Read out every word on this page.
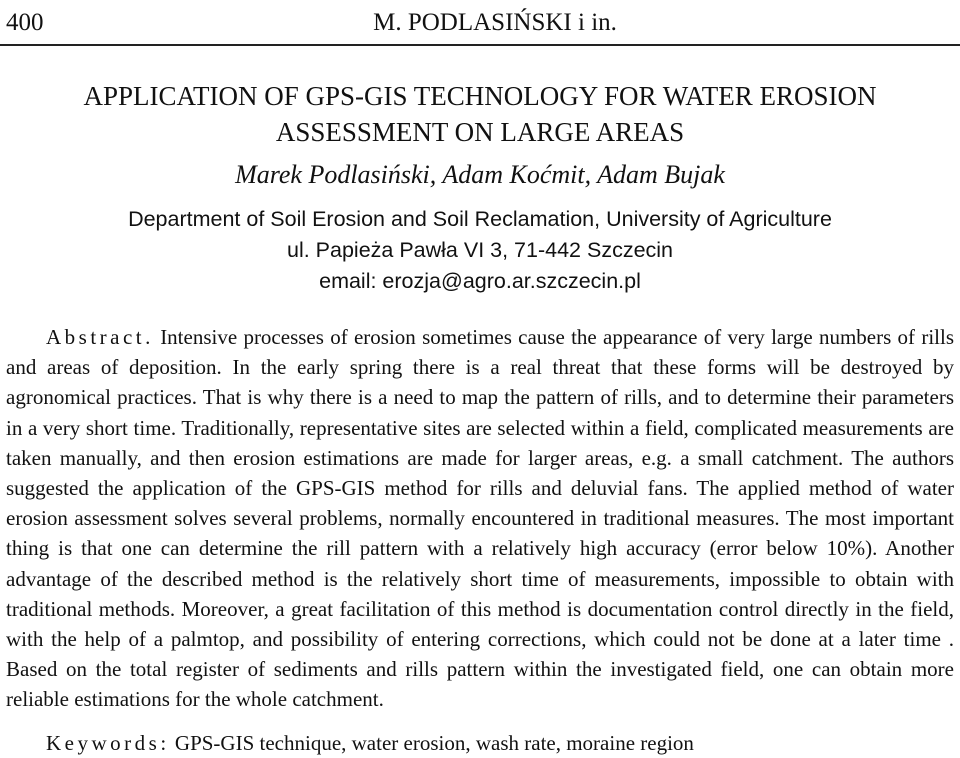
400	M. PODLASIŃSKI i in.
APPLICATION OF GPS-GIS TECHNOLOGY FOR WATER EROSION
ASSESSMENT ON LARGE AREAS
Marek Podlasiński, Adam Koćmit, Adam Bujak
Department of Soil Erosion and Soil Reclamation, University of Agriculture
ul. Papieża Pawła VI 3, 71-442 Szczecin
email: erozja@agro.ar.szczecin.pl

Abstract. Intensive processes of erosion sometimes cause the appearance of very large numbers of rills and areas of deposition. In the early spring there is a real threat that these forms will be destroyed by agronomical practices. That is why there is a need to map the pattern of rills, and to determine their parameters in a very short time. Traditionally, representative sites are selected within a field, complicated measurements are taken manually, and then erosion estimations are made for larger areas, e.g. a small catchment. The authors suggested the application of the GPS-GIS method for rills and deluvial fans. The applied method of water erosion assessment solves several problems, normally encountered in traditional measures. The most important thing is that one can determine the rill pattern with a relatively high accuracy (error below 10%). Another advantage of the described method is the relatively short time of measurements, impossible to obtain with traditional methods. Moreover, a great facilitation of this method is documentation control directly in the field, with the help of a palmtop, and possibility of entering corrections, which could not be done at a later time . Based on the total register of sediments and rills pattern within the investigated field, one can obtain more reliable estimations for the whole catchment.

Keywords: GPS-GIS technique, water erosion, wash rate, moraine region
